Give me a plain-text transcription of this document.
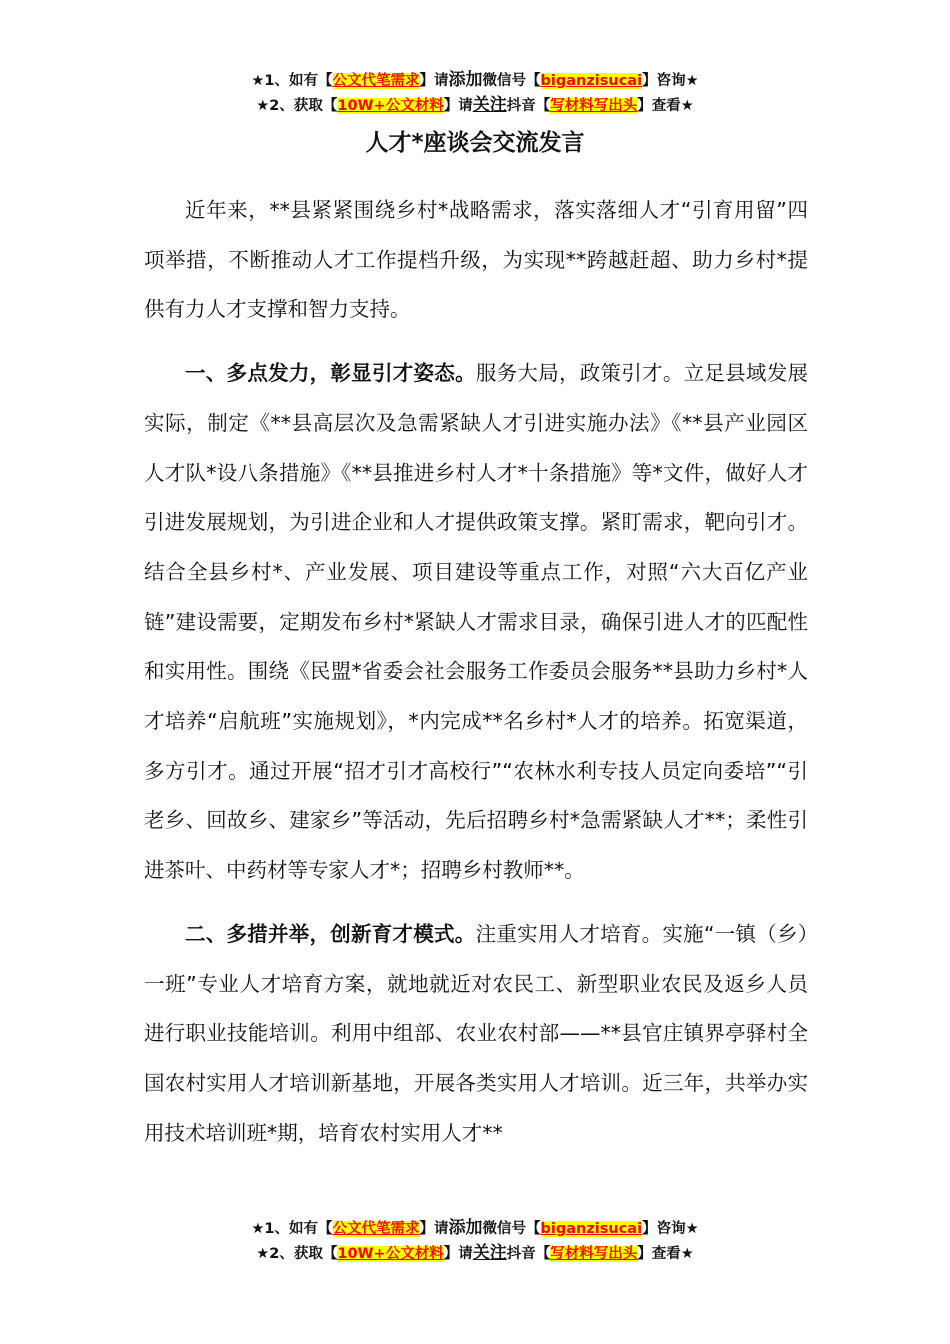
★1、如有【公文代笔需求】请添加微信号【biganzisucai】咨询★
★2、获取【10W+公文材料】请关注抖音【写材料写出头】查看★
人才*座谈会交流发言

近年来，**县紧紧围绕乡村*战略需求，落实落细人才“引育用留”四项举措，不断推动人才工作提档升级，为实现**跨越赶超、助力乡村*提供有力人才支撑和智力支持。

一、多点发力，彰显引才姿态。服务大局，政策引才。立足县域发展实际，制定《**县高层次及急需紧缺人才引进实施办法》《**县产业园区人才队*设八条措施》《**县推进乡村人才*十条措施》等*文件，做好人才引进发展规划，为引进企业和人才提供政策支撑。紧盯需求，靶向引才。结合全县乡村*、产业发展、项目建设等重点工作，对照“六大百亿产业链”建设需要，定期发布乡村*紧缺人才需求目录，确保引进人才的匹配性和实用性。围绕《民盟*省委会社会服务工作委员会服务**县助力乡村*人才培养“启航班”实施规划》，*内完成**名乡村*人才的培养。拓宽渠道，多方引才。通过开展“招才引才高校行”“农林水利专技人员定向委培”“引老乡、回故乡、建家乡”等活动，先后招聘乡村*急需紧缺人才**；柔性引进茶叶、中药材等专家人才*；招聘乡村教师**。

二、多措并举，创新育才模式。注重实用人才培育。实施“一镇（乡）一班”专业人才培育方案，就地就近对农民工、新型职业农民及返乡人员进行职业技能培训。利用中组部、农业农村部——**县官庄镇界亭驿村全国农村实用人才培训新基地，开展各类实用人才培训。近三年，共举办实用技术培训班*期，培育农村实用人才**

★1、如有【公文代笔需求】请添加微信号【biganzisucai】咨询★
★2、获取【10W+公文材料】请关注抖音【写材料写出头】查看★
